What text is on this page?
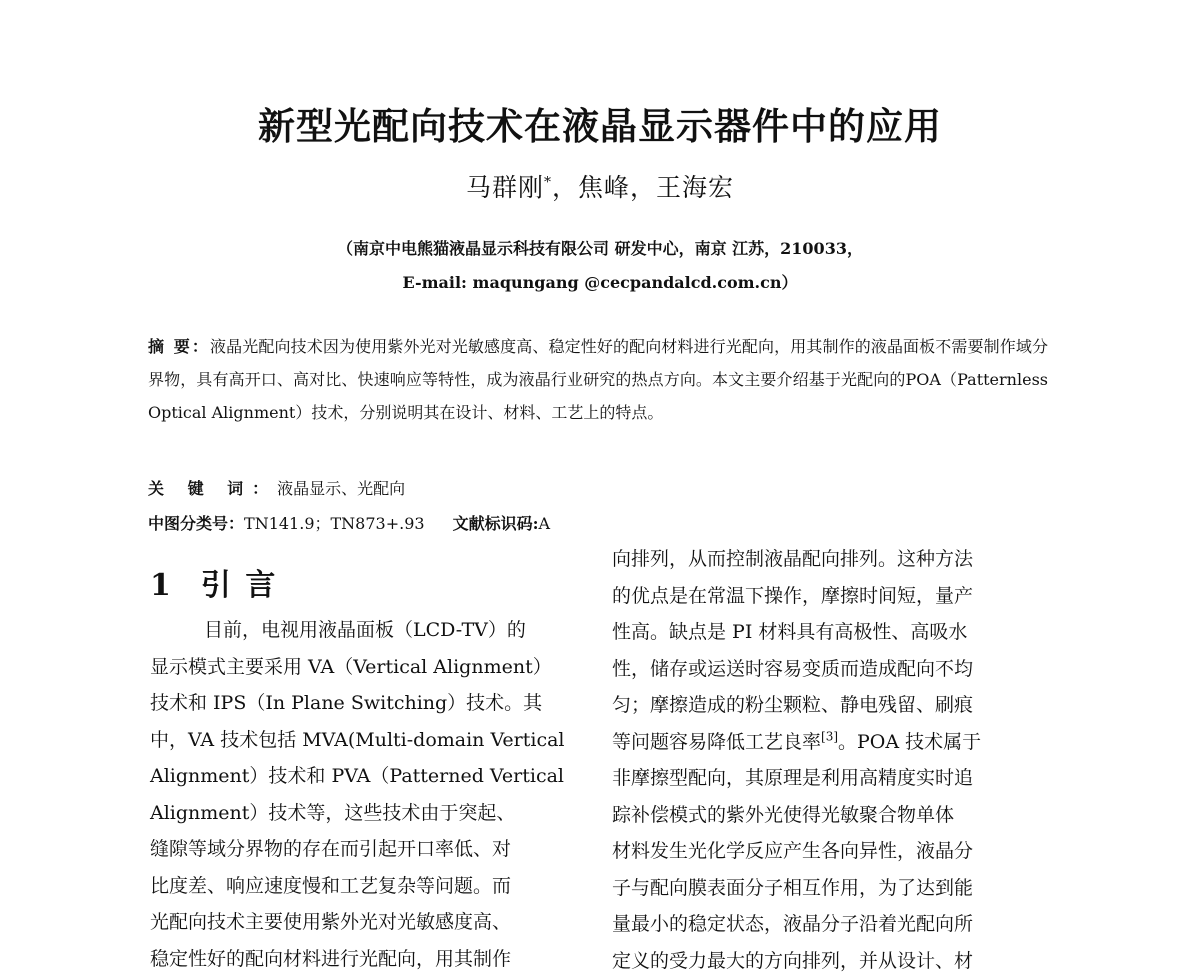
新型光配向技术在液晶显示器件中的应用
马群刚*，焦峰，王海宏
（南京中电熊猫液晶显示科技有限公司 研发中心，南京 江苏，210033，
E-mail: maqungang @cecpandalcd.com.cn）
摘 要：液晶光配向技术因为使用紫外光对光敏感度高、稳定性好的配向材料进行光配向，用其制作的液晶面板不需要制作域分界物，具有高开口、高对比、快速响应等特性，成为液晶行业研究的热点方向。本文主要介绍基于光配向的POA（Patternless Optical Alignment）技术，分别说明其在设计、材料、工艺上的特点。
关 键 词：液晶显示、光配向
中图分类号：TN141.9；TN873+.93 文献标识码:A
1 引 言
目前，电视用液晶面板（LCD-TV）的
显示模式主要采用 VA（Vertical Alignment）
技术和 IPS（In Plane Switching）技术。其
中，VA 技术包括 MVA(Multi-domain Vertical
Alignment）技术和 PVA（Patterned Vertical
Alignment）技术等，这些技术由于突起、
缝隙等域分界物的存在而引起开口率低、对
比度差、响应速度慢和工艺复杂等问题。而
光配向技术主要使用紫外光对光敏感度高、
稳定性好的配向材料进行光配向，用其制作
向排列，从而控制液晶配向排列。这种方法
的优点是在常温下操作，摩擦时间短，量产
性高。缺点是 PI 材料具有高极性、高吸水
性，储存或运送时容易变质而造成配向不均
匀；摩擦造成的粉尘颗粒、静电残留、刷痕
等问题容易降低工艺良率[3]。POA 技术属于
非摩擦型配向，其原理是利用高精度实时追
踪补偿模式的紫外光使得光敏聚合物单体
材料发生光化学反应产生各向异性，液晶分
子与配向膜表面分子相互作用，为了达到能
量最小的稳定状态，液晶分子沿着光配向所
定义的受力最大的方向排列，并从设计、材
